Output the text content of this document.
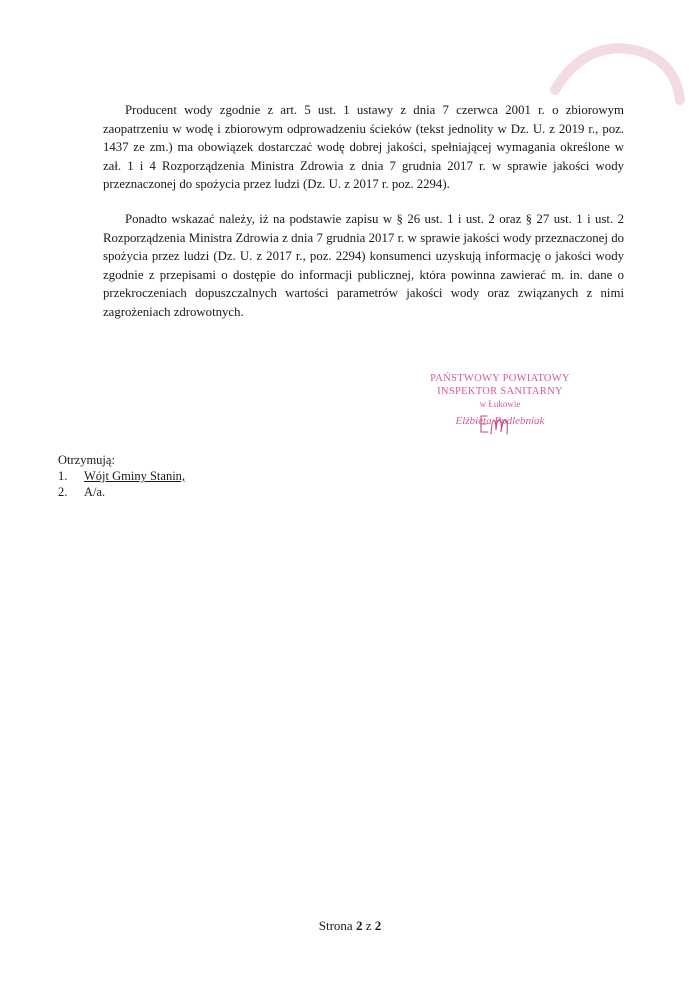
Producent wody zgodnie z art. 5 ust. 1 ustawy z dnia 7 czerwca 2001 r. o zbiorowym zaopatrzeniu w wodę i zbiorowym odprowadzeniu ścieków (tekst jednolity w Dz. U. z 2019 r., poz. 1437 ze zm.) ma obowiązek dostarczać wodę dobrej jakości, spełniającej wymagania określone w zał. 1 i 4 Rozporządzenia Ministra Zdrowia z dnia 7 grudnia 2017 r. w sprawie jakości wody przeznaczonej do spożycia przez ludzi (Dz. U. z 2017 r. poz. 2294).

Ponadto wskazać należy, iż na podstawie zapisu w § 26 ust. 1 i ust. 2 oraz § 27 ust. 1 i ust. 2 Rozporządzenia Ministra Zdrowia z dnia 7 grudnia 2017 r. w sprawie jakości wody przeznaczonej do spożycia przez ludzi (Dz. U. z 2017 r., poz. 2294) konsumenci uzyskują informację o jakości wody zgodnie z przepisami o dostępie do informacji publicznej, która powinna zawierać m. in. dane o przekroczeniach dopuszczalnych wartości parametrów jakości wody oraz związanych z nimi zagrożeniach zdrowotnych.

PAŃSTWOWY POWIATOWY
INSPEKTOR SANITARNY
w Łukowie
Elżbieta Podlebniak
Otrzymują:
1.	Wójt Gminy Stanin,
2.	A/a.
Strona 2 z 2
